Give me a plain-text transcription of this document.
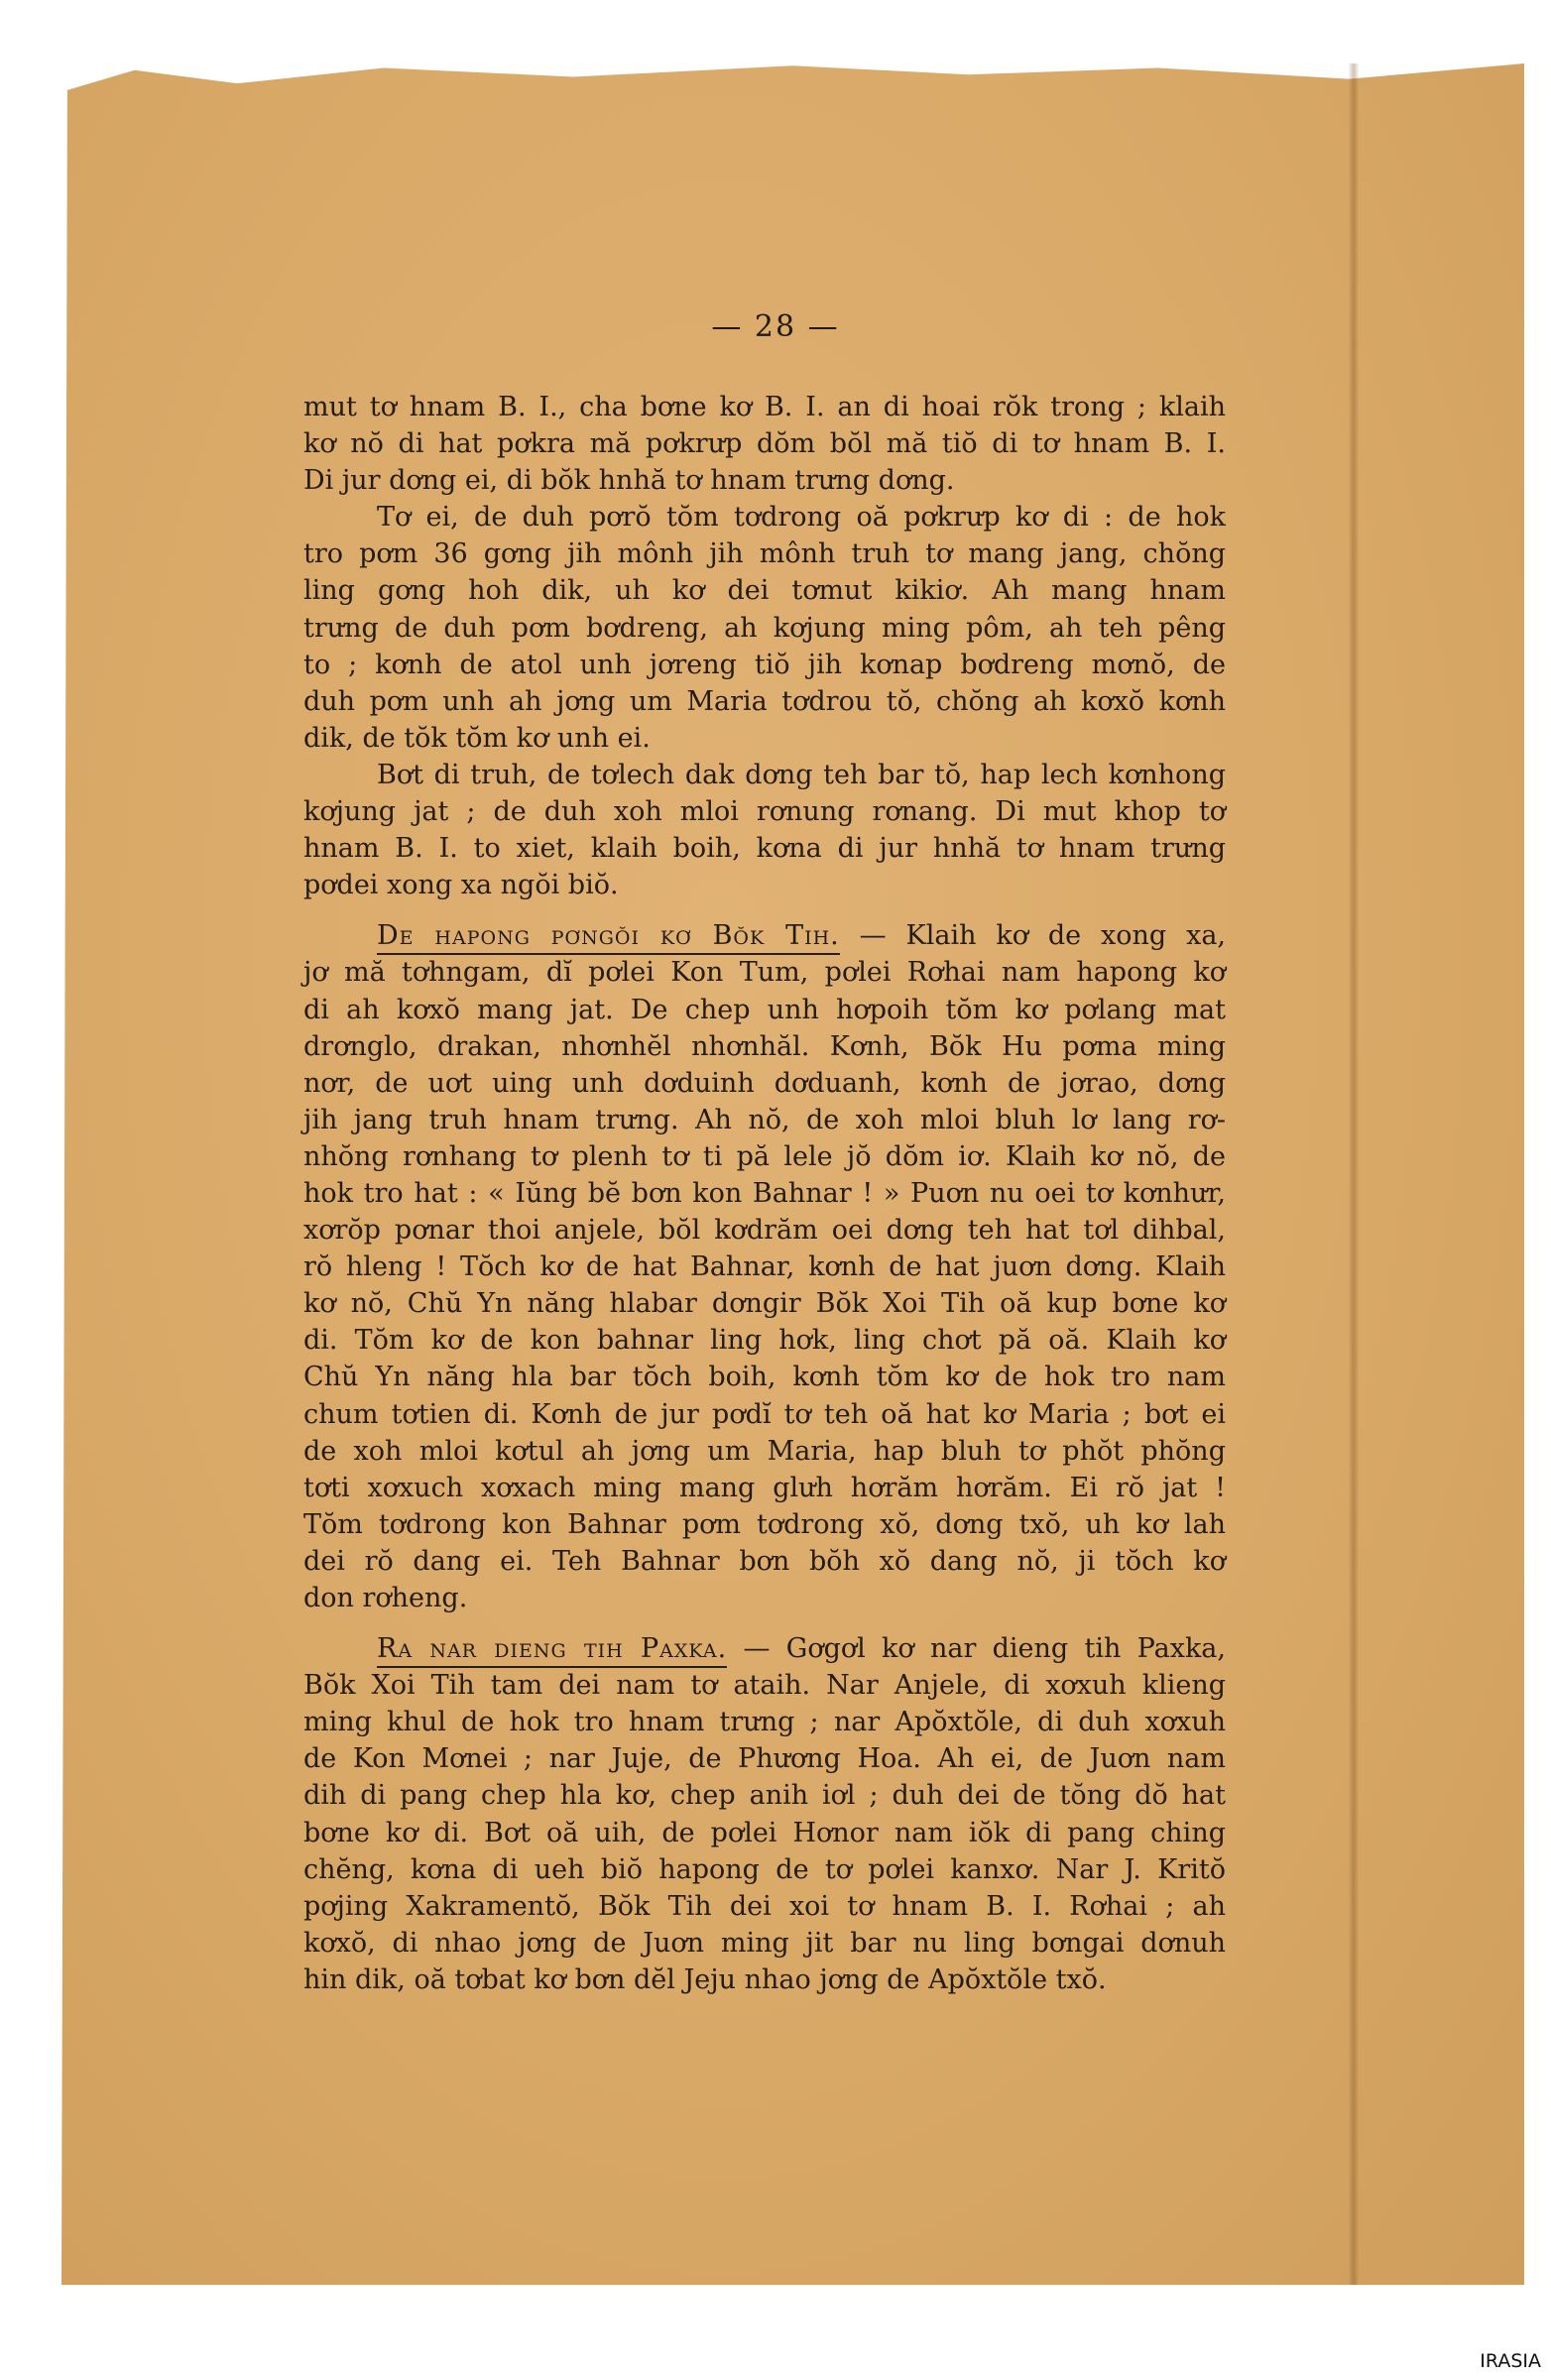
— 28 —
mut tơ hnam B. I., cha bơne kơ B. I. an di hoai rŏk trong ; klaih
kơ nŏ di hat pơkra mă pơkrưp dŏm bŏl mă tiŏ di tơ hnam B. I.
Di jur dơng ei, di bŏk hnhă tơ hnam trưng dơng.
Tơ ei, de duh pơrŏ tŏm tơdrong oă pơkrưp kơ di : de hok
tro pơm 36 gơng jih mônh jih mônh truh tơ mang jang, chŏng
ling gơng hoh dik, uh kơ dei tơmut kikiơ. Ah mang hnam
trưng de duh pơm bơdreng, ah kơjung ming pôm, ah teh pêng
to ; kơnh de atol unh jơreng tiŏ jih kơnap bơdreng mơnŏ, de
duh pơm unh ah jơng um Maria tơdrou tŏ, chŏng ah kơxŏ kơnh
dik, de tŏk tŏm kơ unh ei.
Bơt di truh, de tơlech dak dơng teh bar tŏ, hap lech kơnhong
kơjung jat ; de duh xoh mloi rơnung rơnang. Di mut khop tơ
hnam B. I. to xiet, klaih boih, kơna di jur hnhă tơ hnam trưng
pơdei xong xa ngŏi biŏ.
De hapong pơngŏi kơ Bŏk Tih. — Klaih kơ de xong xa,
jơ mă tơhngam, dĭ pơlei Kon Tum, pơlei Rơhai nam hapong kơ
di ah kơxŏ mang jat. De chep unh hơpoih tŏm kơ pơlang mat
drơnglo, drakan, nhơnhĕl nhơnhăl. Kơnh, Bŏk Hu pơma ming
nơr, de uơt uing unh dơduinh dơduanh, kơnh de jơrao, dơng
jih jang truh hnam trưng. Ah nŏ, de xoh mloi bluh lơ lang rơ-
nhŏng rơnhang tơ plenh tơ ti pă lele jŏ dŏm iơ. Klaih kơ nŏ, de
hok tro hat : « Iŭng bĕ bơn kon Bahnar ! » Puơn nu oei tơ kơnhưr,
xơrŏp pơnar thoi anjele, bŏl kơdrăm oei dơng teh hat tơl dihbal,
rŏ hleng ! Tŏch kơ de hat Bahnar, kơnh de hat juơn dơng. Klaih
kơ nŏ, Chŭ Yn năng hlabar dơngir Bŏk Xoi Tih oă kup bơne kơ
di. Tŏm kơ de kon bahnar ling hơk, ling chơt pă oă. Klaih kơ
Chŭ Yn năng hla bar tŏch boih, kơnh tŏm kơ de hok tro nam
chum tơtien di. Kơnh de jur pơdĭ tơ teh oă hat kơ Maria ; bơt ei
de xoh mloi kơtul ah jơng um Maria, hap bluh tơ phŏt phŏng
tơti xơxuch xơxach ming mang glưh hơrăm hơrăm. Ei rŏ jat !
Tŏm tơdrong kon Bahnar pơm tơdrong xŏ, dơng txŏ, uh kơ lah
dei rŏ dang ei. Teh Bahnar bơn bŏh xŏ dang nŏ, ji tŏch kơ
don rơheng.
Ra nar dieng tih Paxka. — Gơgơl kơ nar dieng tih Paxka,
Bŏk Xoi Tih tam dei nam tơ ataih. Nar Anjele, di xơxuh klieng
ming khul de hok tro hnam trưng ; nar Apŏxtŏle, di duh xơxuh
de Kon Mơnei ; nar Juje, de Phương Hoa. Ah ei, de Juơn nam
dih di pang chep hla kơ, chep anih iơl ; duh dei de tŏng dŏ hat
bơne kơ di. Bơt oă uih, de pơlei Hơnor nam iŏk di pang ching
chĕng, kơna di ueh biŏ hapong de tơ pơlei kanxơ. Nar J. Kritŏ
pơjing Xakramentŏ, Bŏk Tih dei xoi tơ hnam B. I. Rơhai ; ah
kơxŏ, di nhao jơng de Juơn ming jit bar nu ling bơngai dơnuh
hin dik, oă tơbat kơ bơn dĕl Jeju nhao jơng de Apŏxtŏle txŏ.
IRASIA
